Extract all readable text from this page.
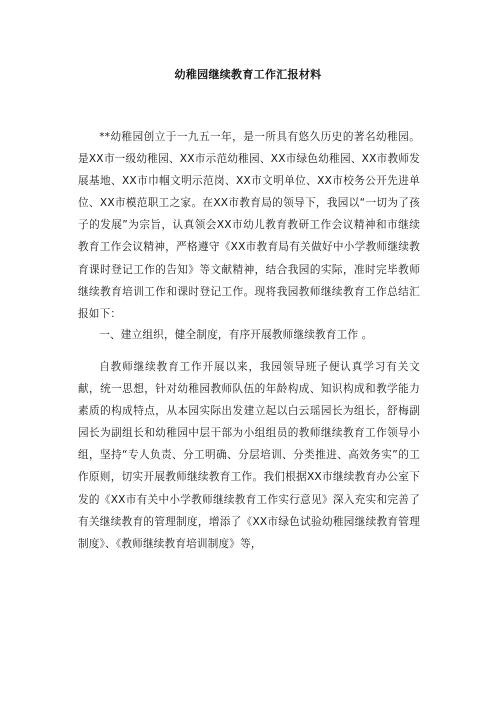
幼稚园继续教育工作汇报材料

**幼稚园创立于一九五一年，是一所具有悠久历史的著名幼稚园。是XX市一级幼稚园、XX市示范幼稚园、XX市绿色幼稚园、XX市教师发展基地、XX市巾帼文明示范岗、XX市文明单位、XX市校务公开先进单位、XX市模范职工之家。在XX市教育局的领导下，我园以“一切为了孩子的发展”为宗旨，认真领会XX市幼儿教育教研工作会议精神和市继续教育工作会议精神，严格遵守《XX市教育局有关做好中小学教师继续教育课时登记工作的告知》等文献精神，结合我园的实际，准时完毕教师继续教育培训工作和课时登记工作。现将我园教师继续教育工作总结汇报如下：

一、建立组织，健全制度，有序开展教师继续教育工作 。

自教师继续教育工作开展以来，我园领导班子便认真学习有关文献，统一思想，针对幼稚园教师队伍的年龄构成、知识构成和教学能力素质的构成特点，从本园实际出发建立起以白云瑶园长为组长，舒梅副园长为副组长和幼稚园中层干部为小组组员的教师继续教育工作领导小组，坚持“专人负责、分工明确、分层培训、分类推进、高效务实”的工作原则，切实开展教师继续教育工作。我们根据XX市继续教育办公室下发的《XX市有关中小学教师继续教育工作实行意见》深入充实和完善了有关继续教育的管理制度，增添了《XX市绿色试验幼稚园继续教育管理制度》、《教师继续教育培训制度》等，
